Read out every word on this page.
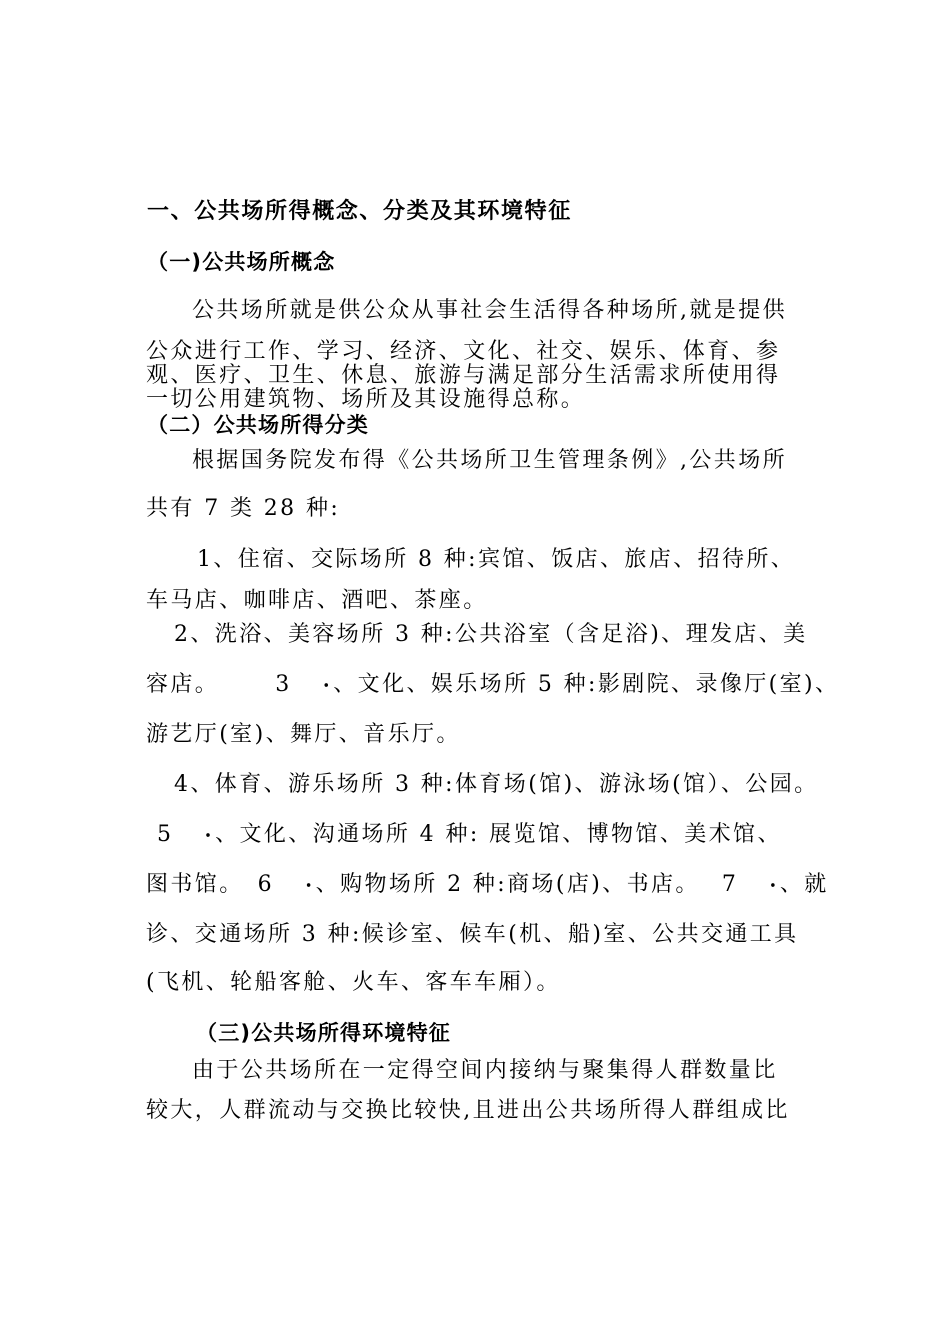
一、公共场所得概念、分类及其环境特征
（一)公共场所概念
公共场所就是供公众从事社会生活得各种场所,就是提供
公众进行工作、学习、经济、文化、社交、娱乐、体育、参
观、医疗、卫生、休息、旅游与满足部分生活需求所使用得
一切公用建筑物、场所及其设施得总称。
（二）公共场所得分类
根据国务院发布得《公共场所卫生管理条例》,公共场所
共有 7 类 28 种:
1、住宿、交际场所 8 种:宾馆、饭店、旅店、招待所、
车马店、咖啡店、酒吧、茶座。
2、洗浴、美容场所 3 种:公共浴室（含足浴)、理发店、美
容店。	3 ꞏ、文化、娱乐场所 5 种:影剧院、录像厅(室)、
游艺厅(室)、舞厅、音乐厅。
4、体育、游乐场所 3 种:体育场(馆)、游泳场(馆）、公园。
5 ꞏ、文化、沟通场所 4 种: 展览馆、博物馆、美术馆、
图书馆。 6 ꞏ、购物场所 2 种:商场(店)、书店。 7 ꞏ、就
诊、交通场所 3 种:候诊室、候车(机、船)室、公共交通工具
(飞机、轮船客舱、火车、客车车厢）。
（三)公共场所得环境特征
由于公共场所在一定得空间内接纳与聚集得人群数量比
较大，人群流动与交换比较快,且进出公共场所得人群组成比
